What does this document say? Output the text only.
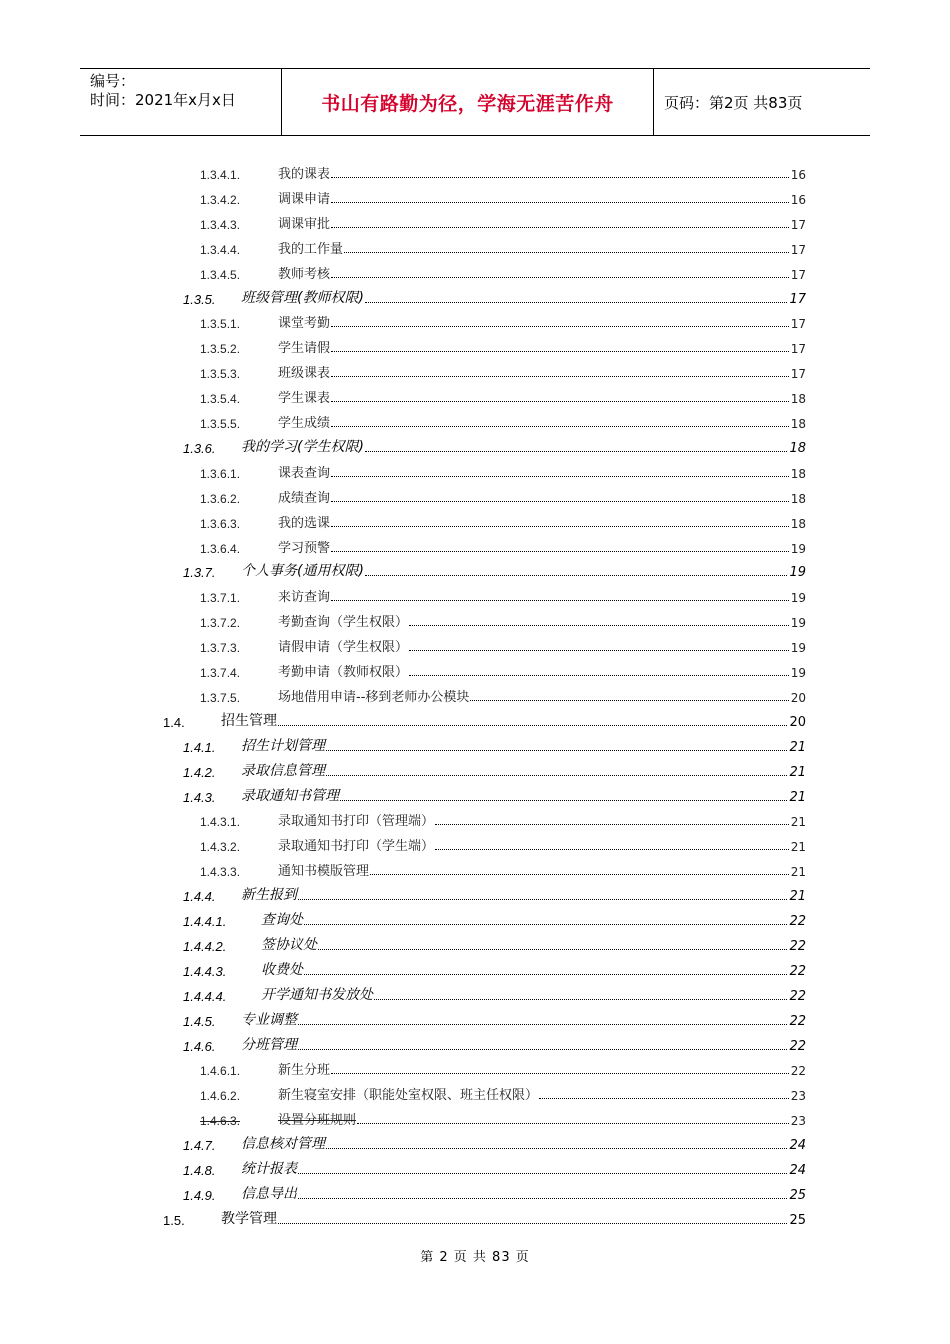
编号：
时间：2021年x月x日	书山有路勤为径，学海无涯苦作舟	页码：第2页 共83页
1.3.4.1.	我的课表	16
1.3.4.2.	调课申请	16
1.3.4.3.	调课审批	17
1.3.4.4.	我的工作量	17
1.3.4.5.	教师考核	17
1.3.5.	班级管理(教师权限)	17
1.3.5.1.	课堂考勤	17
1.3.5.2.	学生请假	17
1.3.5.3.	班级课表	17
1.3.5.4.	学生课表	18
1.3.5.5.	学生成绩	18
1.3.6.	我的学习(学生权限)	18
1.3.6.1.	课表查询	18
1.3.6.2.	成绩查询	18
1.3.6.3.	我的选课	18
1.3.6.4.	学习预警	19
1.3.7.	个人事务(通用权限)	19
1.3.7.1.	来访查询	19
1.3.7.2.	考勤查询（学生权限）	19
1.3.7.3.	请假申请（学生权限）	19
1.3.7.4.	考勤申请（教师权限）	19
1.3.7.5.	场地借用申请--移到老师办公模块	20
1.4.	招生管理	20
1.4.1.	招生计划管理	21
1.4.2.	录取信息管理	21
1.4.3.	录取通知书管理	21
1.4.3.1.	录取通知书打印（管理端）	21
1.4.3.2.	录取通知书打印（学生端）	21
1.4.3.3.	通知书模版管理	21
1.4.4.	新生报到	21
1.4.4.1.	查询处	22
1.4.4.2.	签协议处	22
1.4.4.3.	收费处	22
1.4.4.4.	开学通知书发放处	22
1.4.5.	专业调整	22
1.4.6.	分班管理	22
1.4.6.1.	新生分班	22
1.4.6.2.	新生寝室安排（职能处室权限、班主任权限）	23
1.4.6.3.	设置分班规则	23
1.4.7.	信息核对管理	24
1.4.8.	统计报表	24
1.4.9.	信息导出	25
1.5.	教学管理	25
第 2 页 共 83 页
